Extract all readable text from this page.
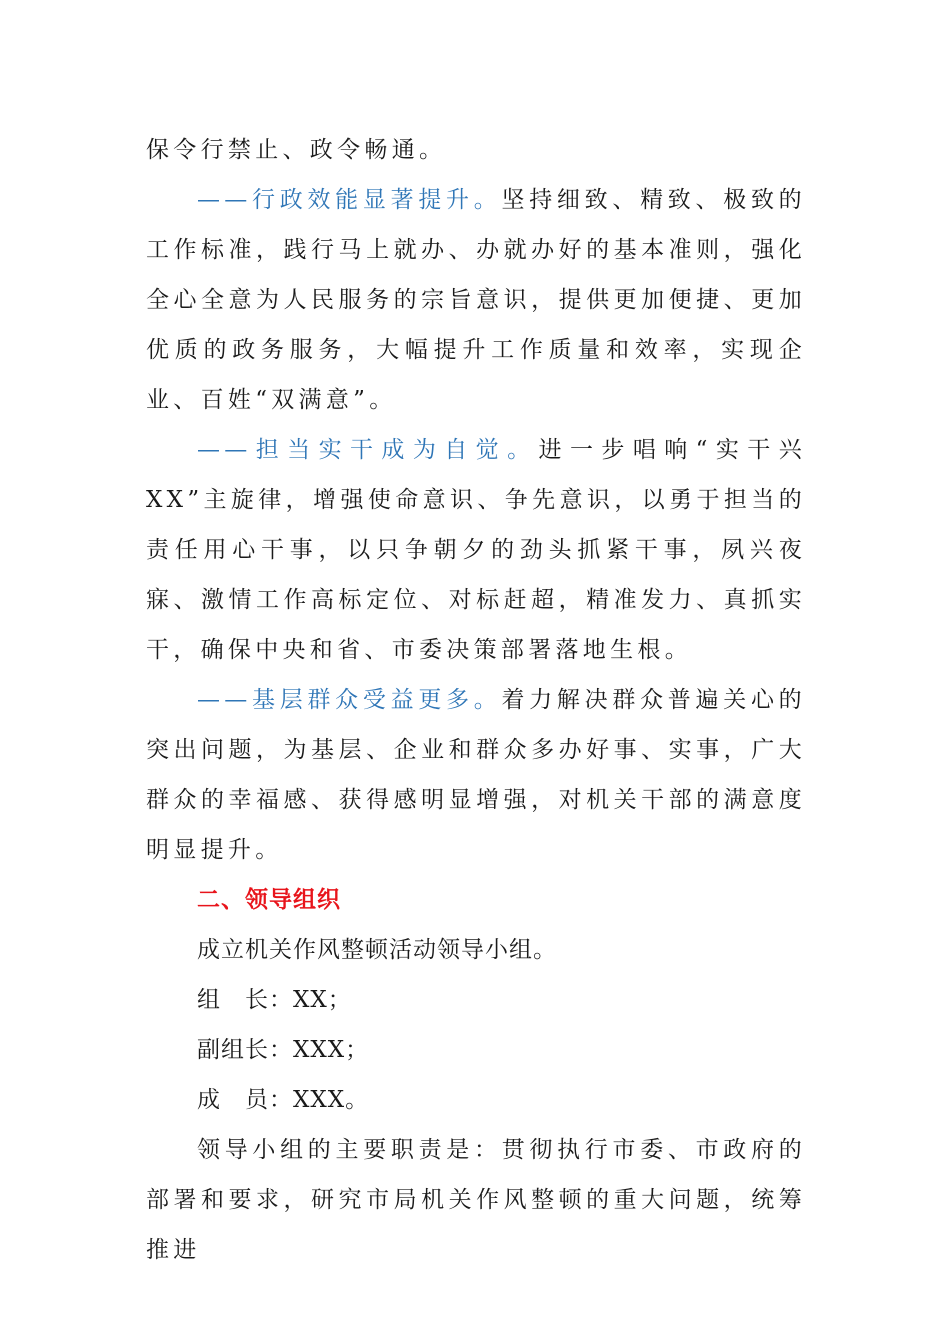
保令行禁止、政令畅通。

——行政效能显著提升。坚持细致、精致、极致的工作标准，践行马上就办、办就办好的基本准则，强化全心全意为人民服务的宗旨意识，提供更加便捷、更加优质的政务服务，大幅提升工作质量和效率，实现企业、百姓“双满意”。

——担当实干成为自觉。进一步唱响“实干兴XX”主旋律，增强使命意识、争先意识，以勇于担当的责任用心干事，以只争朝夕的劲头抓紧干事，夙兴夜寐、激情工作高标定位、对标赶超，精准发力、真抓实干，确保中央和省、市委决策部署落地生根。

——基层群众受益更多。着力解决群众普遍关心的突出问题，为基层、企业和群众多办好事、实事，广大群众的幸福感、获得感明显增强，对机关干部的满意度明显提升。

二、领导组织

成立机关作风整顿活动领导小组。

组　长：XX；

副组长：XXX；

成　员：XXX。

领导小组的主要职责是：贯彻执行市委、市政府的部署和要求，研究市局机关作风整顿的重大问题，统筹推进
